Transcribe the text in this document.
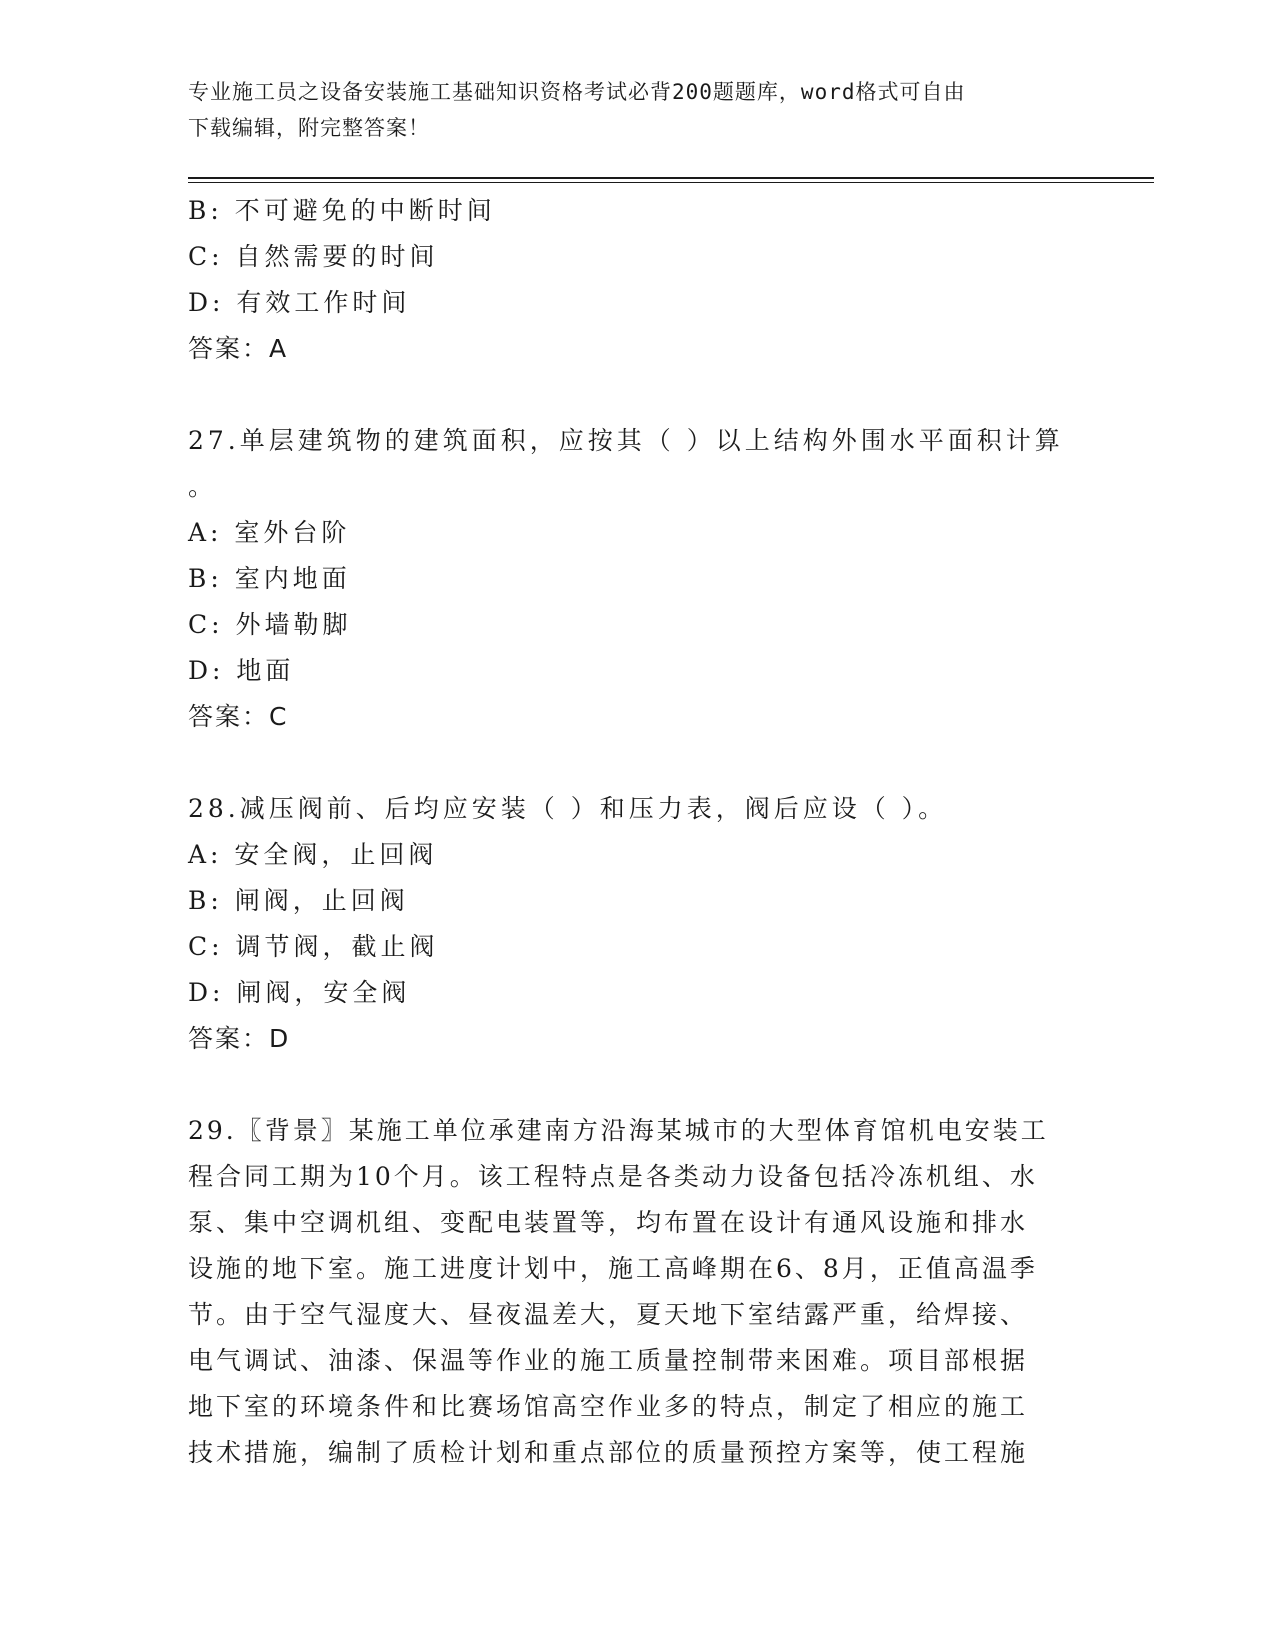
专业施工员之设备安装施工基础知识资格考试必背200题题库，word格式可自由
下载编辑，附完整答案！
B: 不可避免的中断时间
C: 自然需要的时间
D: 有效工作时间
答案：A
27.单层建筑物的建筑面积，应按其（ ）以上结构外围水平面积计算
。
A: 室外台阶
B: 室内地面
C: 外墙勒脚
D: 地面
答案：C
28.减压阀前、后均应安装（ ）和压力表，阀后应设（ ）。
A: 安全阀，止回阀
B: 闸阀，止回阀
C: 调节阀，截止阀
D: 闸阀，安全阀
答案：D
29.〖背景〗某施工单位承建南方沿海某城市的大型体育馆机电安装工
程合同工期为10个月。该工程特点是各类动力设备包括冷冻机组、水
泵、集中空调机组、变配电装置等，均布置在设计有通风设施和排水
设施的地下室。施工进度计划中，施工高峰期在6、8月，正值高温季
节。由于空气湿度大、昼夜温差大，夏天地下室结露严重，给焊接、
电气调试、油漆、保温等作业的施工质量控制带来困难。项目部根据
地下室的环境条件和比赛场馆高空作业多的特点，制定了相应的施工
技术措施，编制了质检计划和重点部位的质量预控方案等，使工程施
